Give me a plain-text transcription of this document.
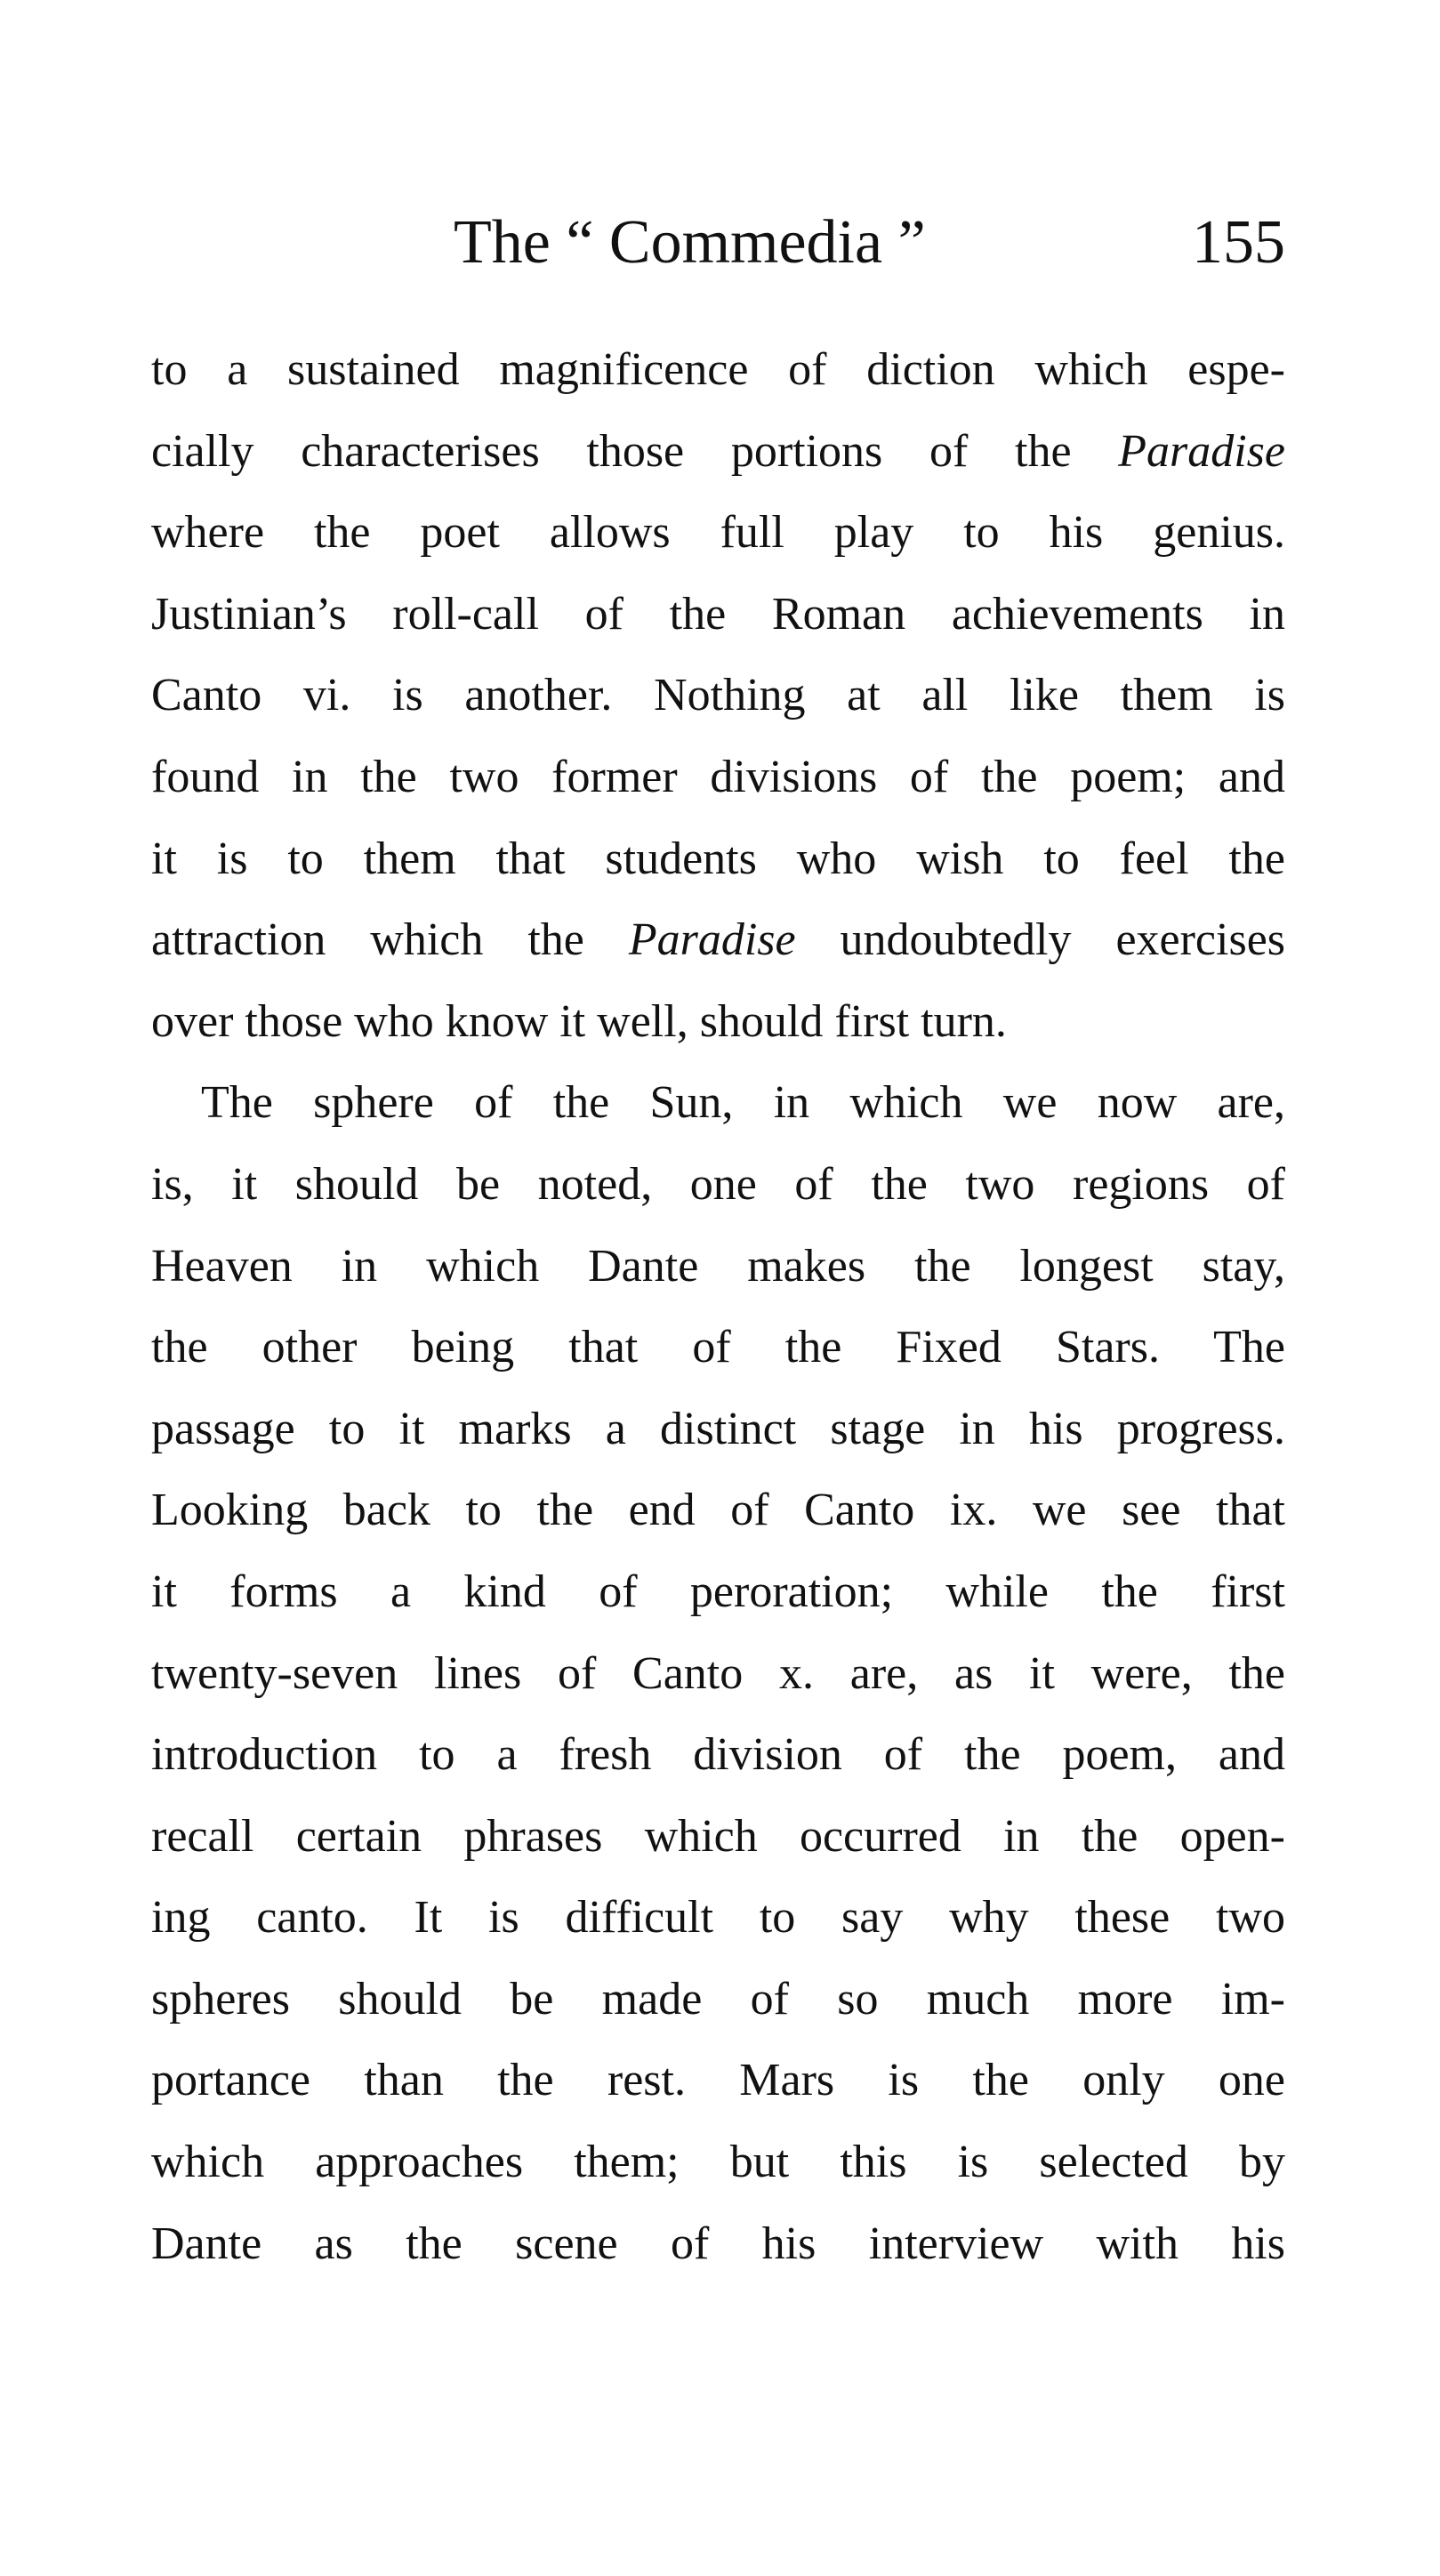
The “ Commedia ”	155
to a sustained magnificence of diction which espe-
cially characterises those portions of the Paradise
where the poet allows full play to his genius.
Justinian’s roll-call of the Roman achievements in
Canto vi. is another. Nothing at all like them is
found in the two former divisions of the poem; and
it is to them that students who wish to feel the
attraction which the Paradise undoubtedly exercises
over those who know it well, should first turn.
The sphere of the Sun, in which we now are,
is, it should be noted, one of the two regions of
Heaven in which Dante makes the longest stay,
the other being that of the Fixed Stars. The
passage to it marks a distinct stage in his progress.
Looking back to the end of Canto ix. we see that
it forms a kind of peroration; while the first
twenty-seven lines of Canto x. are, as it were, the
introduction to a fresh division of the poem, and
recall certain phrases which occurred in the open-
ing canto. It is difficult to say why these two
spheres should be made of so much more im-
portance than the rest. Mars is the only one
which approaches them; but this is selected by
Dante as the scene of his interview with his
